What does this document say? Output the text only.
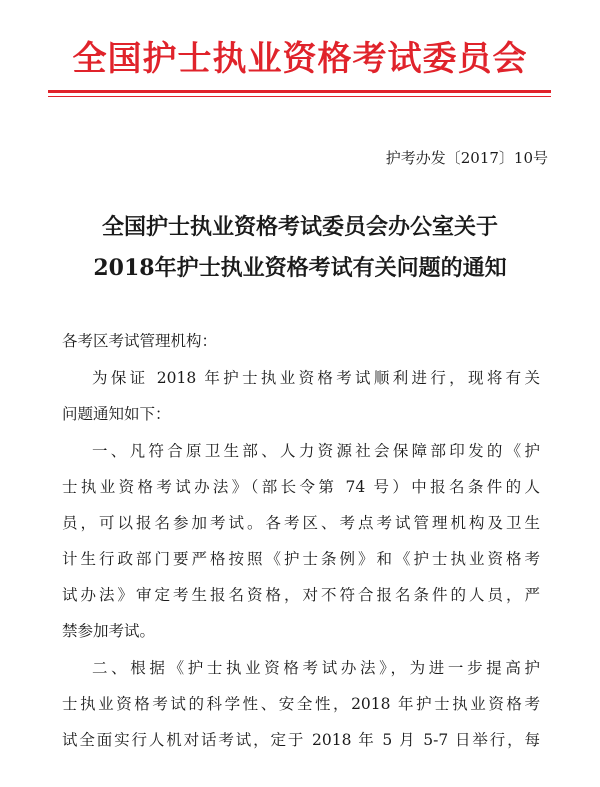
全国护士执业资格考试委员会
护考办发〔2017〕10号
全国护士执业资格考试委员会办公室关于
2018年护士执业资格考试有关问题的通知
各考区考试管理机构：
为保证 2018 年护士执业资格考试顺利进行，现将有关
问题通知如下：
一、凡符合原卫生部、人力资源社会保障部印发的《护
士执业资格考试办法》（部长令第 74 号）中报名条件的人
员，可以报名参加考试。各考区、考点考试管理机构及卫生
计生行政部门要严格按照《护士条例》和《护士执业资格考
试办法》审定考生报名资格，对不符合报名条件的人员，严
禁参加考试。
二、根据《护士执业资格考试办法》，为进一步提高护
士执业资格考试的科学性、安全性，2018 年护士执业资格考
试全面实行人机对话考试，定于 2018 年 5 月 5-7 日举行，每
